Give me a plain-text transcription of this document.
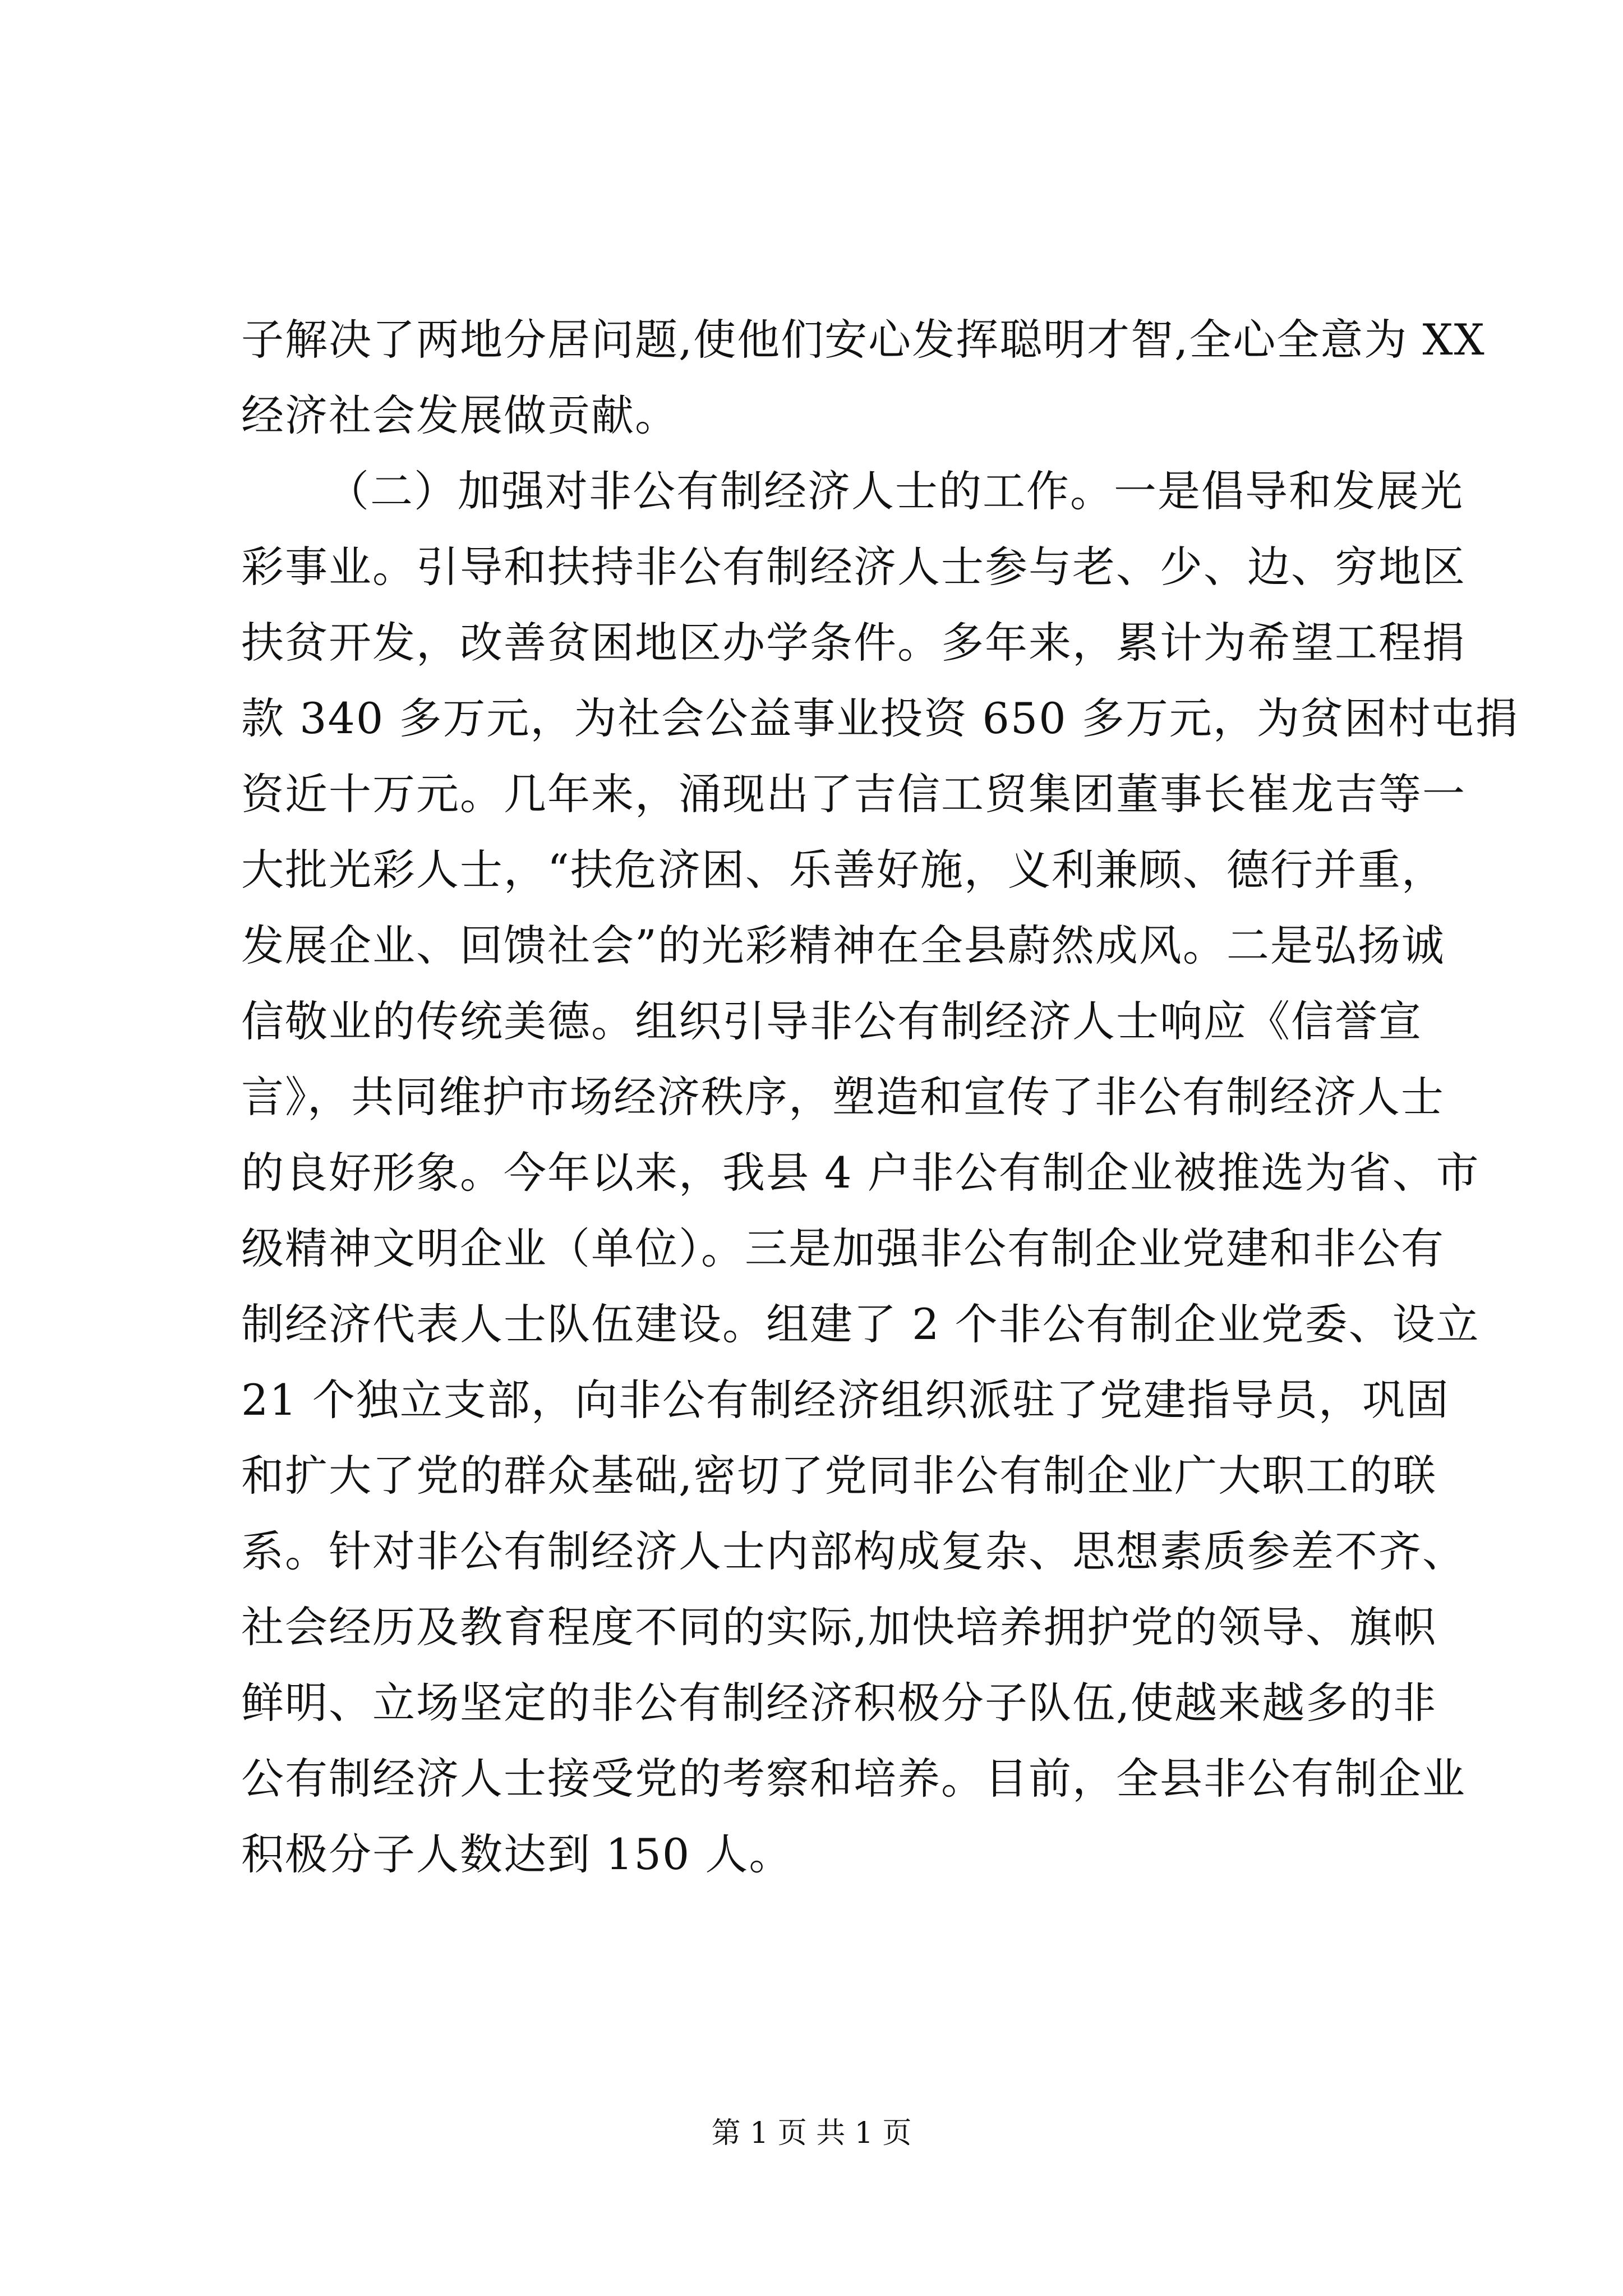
子解决了两地分居问题,使他们安心发挥聪明才智,全心全意为 XX
经济社会发展做贡献。
（二）加强对非公有制经济人士的工作。一是倡导和发展光
彩事业。引导和扶持非公有制经济人士参与老、少、边、穷地区
扶贫开发，改善贫困地区办学条件。多年来，累计为希望工程捐
款 340 多万元，为社会公益事业投资 650 多万元，为贫困村屯捐
资近十万元。几年来，涌现出了吉信工贸集团董事长崔龙吉等一
大批光彩人士，“扶危济困、乐善好施，义利兼顾、德行并重，
发展企业、回馈社会”的光彩精神在全县蔚然成风。二是弘扬诚
信敬业的传统美德。组织引导非公有制经济人士响应《信誉宣
言》，共同维护市场经济秩序，塑造和宣传了非公有制经济人士
的良好形象。今年以来，我县 4 户非公有制企业被推选为省、市
级精神文明企业（单位）。三是加强非公有制企业党建和非公有
制经济代表人士队伍建设。组建了 2 个非公有制企业党委、设立
21 个独立支部，向非公有制经济组织派驻了党建指导员，巩固
和扩大了党的群众基础,密切了党同非公有制企业广大职工的联
系。针对非公有制经济人士内部构成复杂、思想素质参差不齐、
社会经历及教育程度不同的实际,加快培养拥护党的领导、旗帜
鲜明、立场坚定的非公有制经济积极分子队伍,使越来越多的非
公有制经济人士接受党的考察和培养。目前，全县非公有制企业
积极分子人数达到 150 人。
第 1 页 共 1 页
